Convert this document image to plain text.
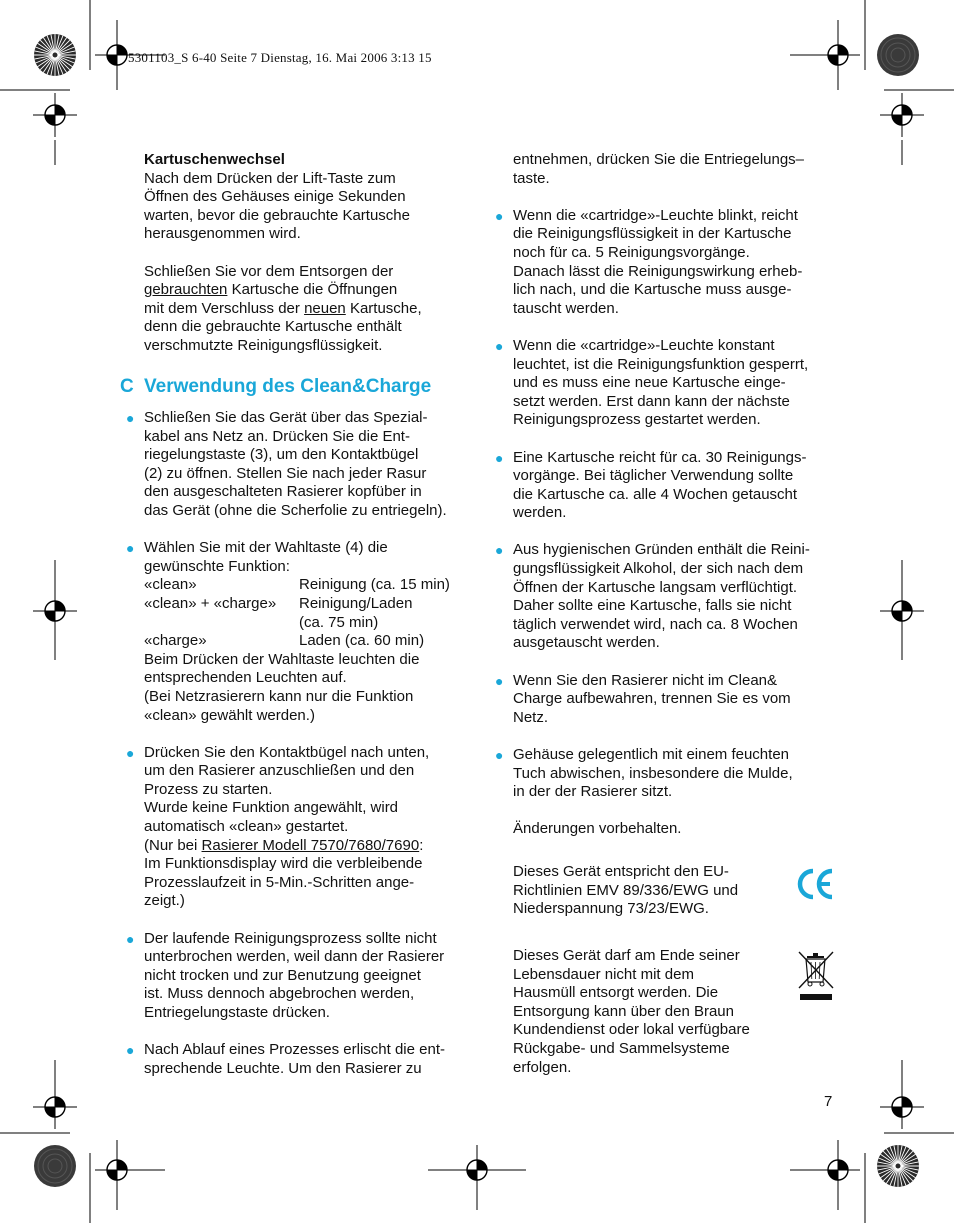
5301103_S 6-40 Seite 7 Dienstag, 16. Mai 2006 3:13 15
Kartuschenwechsel
Nach dem Drücken der Lift-Taste zum
Öffnen des Gehäuses einige Sekunden
warten, bevor die gebrauchte Kartusche
herausgenommen wird.
Schließen Sie vor dem Entsorgen der
gebrauchten Kartusche die Öffnungen
mit dem Verschluss der neuen Kartusche,
denn die gebrauchte Kartusche enthält
verschmutzte Reinigungsflüssigkeit.
C Verwendung des Clean&Charge
● Schließen Sie das Gerät über das Spezial-
kabel ans Netz an. Drücken Sie die Ent-
riegelungstaste (3), um den Kontaktbügel
(2) zu öffnen. Stellen Sie nach jeder Rasur
den ausgeschalteten Rasierer kopfüber in
das Gerät (ohne die Scherfolie zu entriegeln).
● Wählen Sie mit der Wahltaste (4) die
gewünschte Funktion:
«clean»	Reinigung (ca. 15 min)
«clean» + «charge»	Reinigung/Laden
(ca. 75 min)
«charge»	Laden (ca. 60 min)
Beim Drücken der Wahltaste leuchten die
entsprechenden Leuchten auf.
(Bei Netzrasierern kann nur die Funktion
«clean» gewählt werden.)
● Drücken Sie den Kontaktbügel nach unten,
um den Rasierer anzuschließen und den
Prozess zu starten.
Wurde keine Funktion angewählt, wird
automatisch «clean» gestartet.
(Nur bei Rasierer Modell 7570/7680/7690:
Im Funktionsdisplay wird die verbleibende
Prozesslaufzeit in 5-Min.-Schritten ange-
zeigt.)
● Der laufende Reinigungsprozess sollte nicht
unterbrochen werden, weil dann der Rasierer
nicht trocken und zur Benutzung geeignet
ist. Muss dennoch abgebrochen werden,
Entriegelungstaste drücken.
● Nach Ablauf eines Prozesses erlischt die ent-
sprechende Leuchte. Um den Rasierer zu
entnehmen, drücken Sie die Entriegelungs–
taste.
● Wenn die «cartridge»-Leuchte blinkt, reicht
die Reinigungsflüssigkeit in der Kartusche
noch für ca. 5 Reinigungsvorgänge.
Danach lässt die Reinigungswirkung erheb-
lich nach, und die Kartusche muss ausge-
tauscht werden.
● Wenn die «cartridge»-Leuchte konstant
leuchtet, ist die Reinigungsfunktion gesperrt,
und es muss eine neue Kartusche einge-
setzt werden. Erst dann kann der nächste
Reinigungsprozess gestartet werden.
● Eine Kartusche reicht für ca. 30 Reinigungs-
vorgänge. Bei täglicher Verwendung sollte
die Kartusche ca. alle 4 Wochen getauscht
werden.
● Aus hygienischen Gründen enthält die Reini-
gungsflüssigkeit Alkohol, der sich nach dem
Öffnen der Kartusche langsam verflüchtigt.
Daher sollte eine Kartusche, falls sie nicht
täglich verwendet wird, nach ca. 8 Wochen
ausgetauscht werden.
● Wenn Sie den Rasierer nicht im Clean&
Charge aufbewahren, trennen Sie es vom
Netz.
● Gehäuse gelegentlich mit einem feuchten
Tuch abwischen, insbesondere die Mulde,
in der der Rasierer sitzt.
Änderungen vorbehalten.
Dieses Gerät entspricht den EU-
Richtlinien EMV 89/336/EWG und
Niederspannung 73/23/EWG.
Dieses Gerät darf am Ende seiner
Lebensdauer nicht mit dem
Hausmüll entsorgt werden. Die
Entsorgung kann über den Braun
Kundendienst oder lokal verfügbare
Rückgabe- und Sammelsysteme
erfolgen.
7
